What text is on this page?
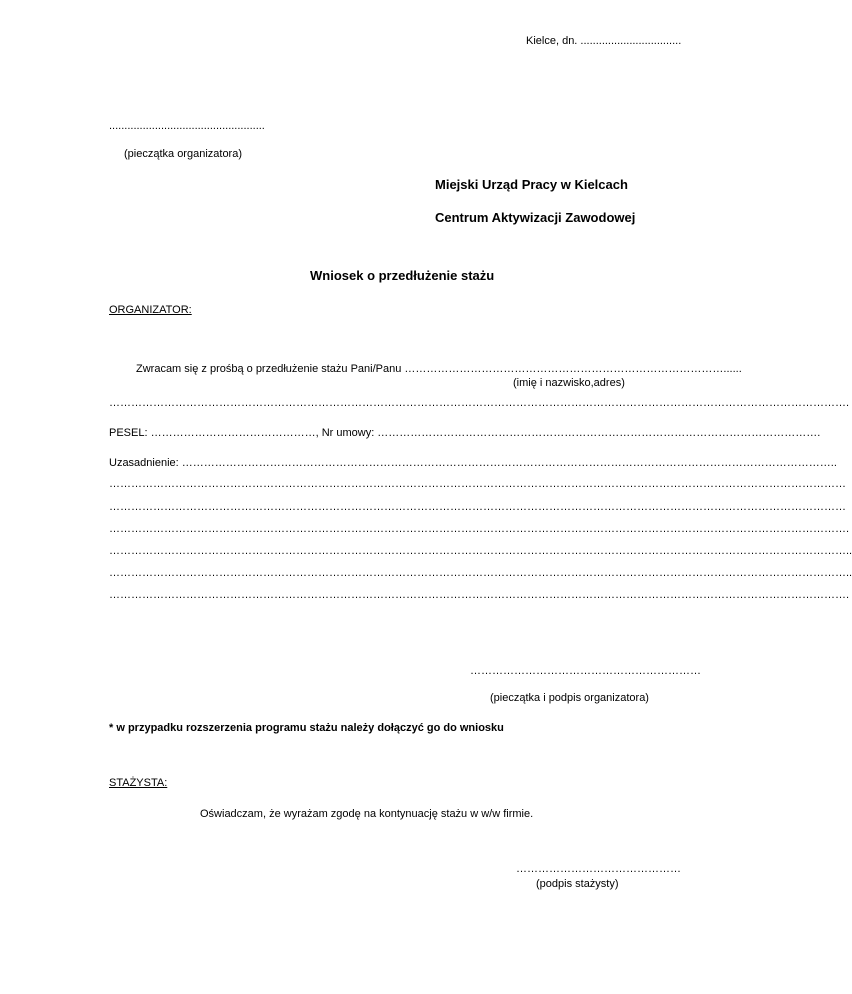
Kielce, dn. .................................
...................................................
(pieczątka organizatora)
Miejski Urząd Pracy w Kielcach
Centrum Aktywizacji Zawodowej
Wniosek o przedłużenie stażu
ORGANIZATOR:
Zwracam się z prośbą o przedłużenie stażu Pani/Panu ……………………………………………………………………………......
(imię i nazwisko,adres)
………………………………………………………………………………………………………………………………………………………………………………….
PESEL: ………………………………………, Nr umowy: ………………………………………………………………………………………………………….
Uzasadnienie: ……………………………………………………………………………………………………………………………………………………………..
…………………………………………………………………………………………………………………………………………………………………………………
…………………………………………………………………………………………………………………………………………………………………………………
………………………………………………………………………………………………………………………………………………………………………………….
…………………………………………………………………………………………………………………………………………………………………………………..
…………………………………………………………………………………………………………………………………………………………………………………..
………………………………………………………………………………………………………………………………………………………………………………….
………………………………………………………
(pieczątka i podpis organizatora)
* w przypadku rozszerzenia programu stażu należy dołączyć go do wniosku
STAŻYSTA:
Oświadczam, że wyrażam zgodę na kontynuację stażu w w/w firmie.
………………………………………
(podpis stażysty)
